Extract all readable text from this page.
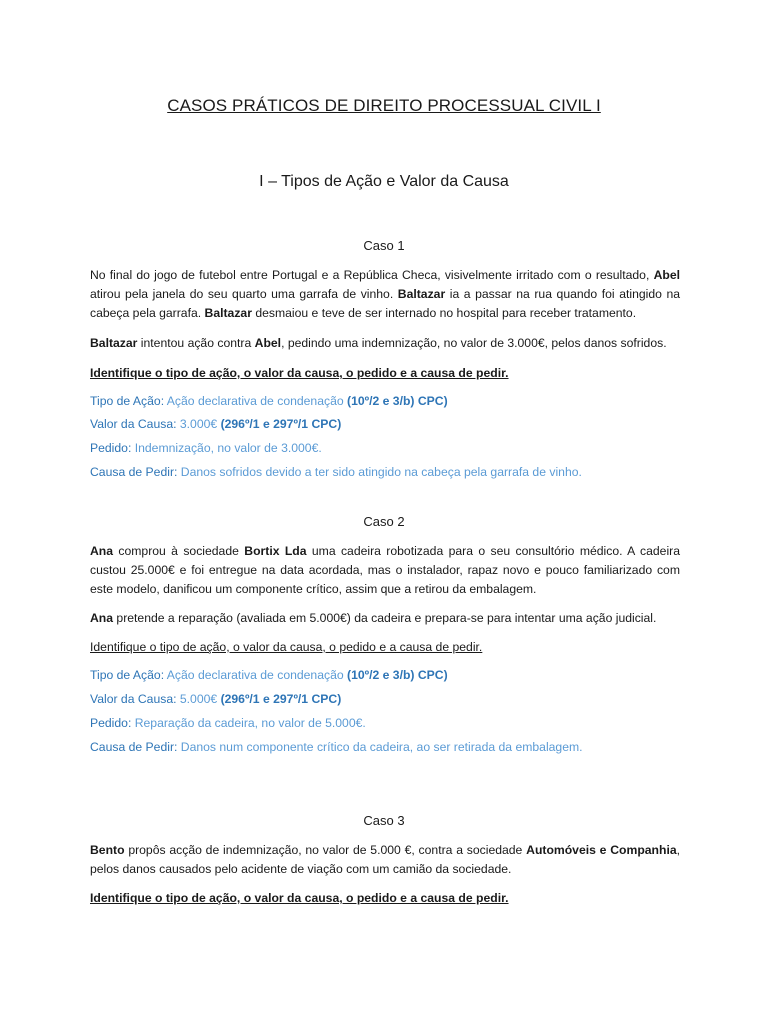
CASOS PRÁTICOS DE DIREITO PROCESSUAL CIVIL I
I – Tipos de Ação e Valor da Causa
Caso 1
No final do jogo de futebol entre Portugal e a República Checa, visivelmente irritado com o resultado, Abel atirou pela janela do seu quarto uma garrafa de vinho. Baltazar ia a passar na rua quando foi atingido na cabeça pela garrafa. Baltazar desmaiou e teve de ser internado no hospital para receber tratamento.
Baltazar intentou ação contra Abel, pedindo uma indemnização, no valor de 3.000€, pelos danos sofridos.
Identifique o tipo de ação, o valor da causa, o pedido e a causa de pedir.
Tipo de Ação: Ação declarativa de condenação (10º/2 e 3/b) CPC)
Valor da Causa: 3.000€ (296º/1 e 297º/1 CPC)
Pedido: Indemnização, no valor de 3.000€.
Causa de Pedir: Danos sofridos devido a ter sido atingido na cabeça pela garrafa de vinho.
Caso 2
Ana comprou à sociedade Bortix Lda uma cadeira robotizada para o seu consultório médico. A cadeira custou 25.000€ e foi entregue na data acordada, mas o instalador, rapaz novo e pouco familiarizado com este modelo, danificou um componente crítico, assim que a retirou da embalagem.
Ana pretende a reparação (avaliada em 5.000€) da cadeira e prepara-se para intentar uma ação judicial.
Identifique o tipo de ação, o valor da causa, o pedido e a causa de pedir.
Tipo de Ação: Ação declarativa de condenação (10º/2 e 3/b) CPC)
Valor da Causa: 5.000€ (296º/1 e 297º/1 CPC)
Pedido: Reparação da cadeira, no valor de 5.000€.
Causa de Pedir: Danos num componente crítico da cadeira, ao ser retirada da embalagem.
Caso 3
Bento propôs acção de indemnização, no valor de 5.000 €, contra a sociedade Automóveis e Companhia, pelos danos causados pelo acidente de viação com um camião da sociedade.
Identifique o tipo de ação, o valor da causa, o pedido e a causa de pedir.
